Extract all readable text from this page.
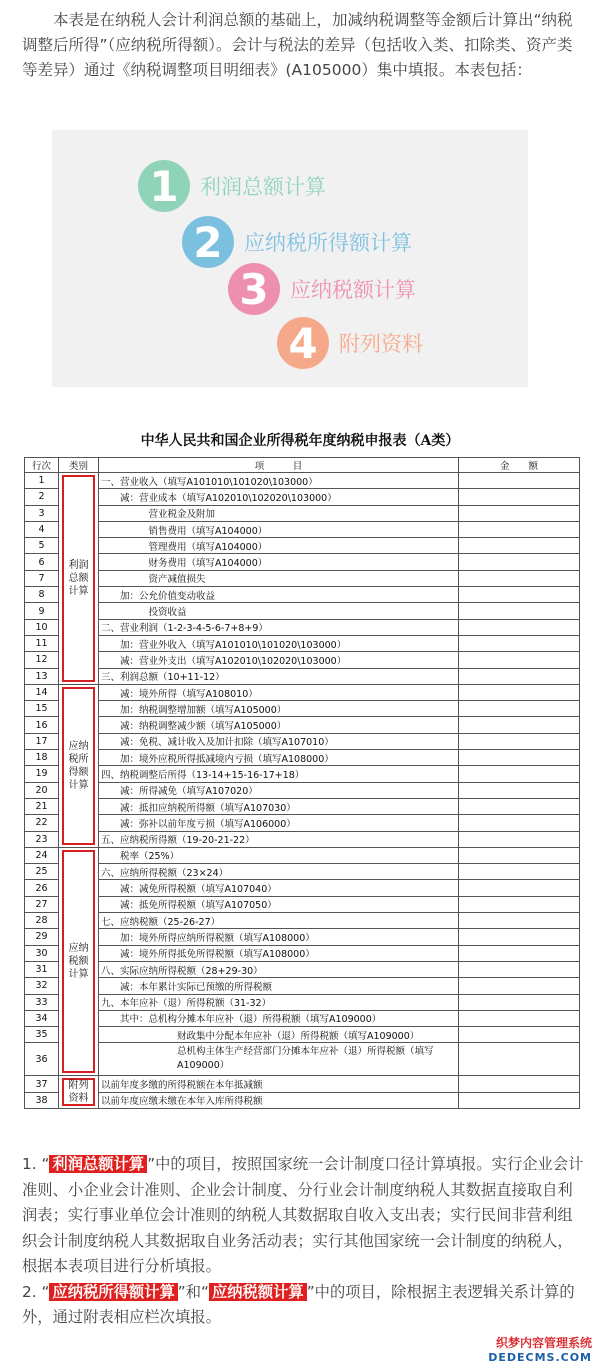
本表是在纳税人会计利润总额的基础上，加减纳税调整等金额后计算出“纳税调整后所得”（应纳税所得额）。会计与税法的差异（包括收入类、扣除类、资产类等差异）通过《纳税调整项目明细表》(A105000）集中填报。本表包括：
1	利润总额计算
2	应纳税所得额计算
3	应纳税额计算
4	附列资料
中华人民共和国企业所得税年度纳税申报表（A类）
行次	类别	项　　　目	金　　额
1	利润总额计算	一、营业收入（填写A101010\101020\103000）	
2		减：营业成本（填写A102010\102020\103000）	
3		营业税金及附加	
4		销售费用（填写A104000）	
5		管理费用（填写A104000）	
6		财务费用（填写A104000）	
7		资产减值损失	
8		加：公允价值变动收益	
9		投资收益	
10		二、营业利润（1-2-3-4-5-6-7+8+9）	
11		加：营业外收入（填写A101010\101020\103000）	
12		减：营业外支出（填写A102010\102020\103000）	
13		三、利润总额（10+11-12）	
14	应纳税所得额计算	减：境外所得（填写A108010）	
15		加：纳税调整增加额（填写A105000）	
16		减：纳税调整减少额（填写A105000）	
17		减：免税、减计收入及加计扣除（填写A107010）	
18		加：境外应税所得抵减境内亏损（填写A108000）	
19		四、纳税调整后所得（13-14+15-16-17+18）	
20		减：所得减免（填写A107020）	
21		减：抵扣应纳税所得额（填写A107030）	
22		减：弥补以前年度亏损（填写A106000）	
23		五、应纳税所得额（19-20-21-22）	
24	应纳税额计算	税率（25%）	
25		六、应纳所得税额（23×24）	
26		减：减免所得税额（填写A107040）	
27		减：抵免所得税额（填写A107050）	
28		七、应纳税额（25-26-27）	
29		加：境外所得应纳所得税额（填写A108000）	
30		减：境外所得抵免所得税额（填写A108000）	
31		八、实际应纳所得税额（28+29-30）	
32		减：本年累计实际已预缴的所得税额	
33		九、本年应补（退）所得税额（31-32）	
34		其中：总机构分摊本年应补（退）所得税额（填写A109000）	
35		财政集中分配本年应补（退）所得税额（填写A109000）	
36		总机构主体生产经营部门分摊本年应补（退）所得税额（填写A109000）	
37	附列资料	以前年度多缴的所得税额在本年抵减额	
38		以前年度应缴未缴在本年入库所得税额	
1. “ 利润总额计算 ”中的项目，按照国家统一会计制度口径计算填报。实行企业会计准则、小企业会计准则、企业会计制度、分行业会计制度纳税人其数据直接取自利润表；实行事业单位会计准则的纳税人其数据取自收入支出表；实行民间非营利组织会计制度纳税人其数据取自业务活动表；实行其他国家统一会计制度的纳税人，根据本表项目进行分析填报。
2. “ 应纳税所得额计算 ”和“ 应纳税额计算 ”中的项目，除根据主表逻辑关系计算的外，通过附表相应栏次填报。
织梦内容管理系统
DEDECMS.COM
